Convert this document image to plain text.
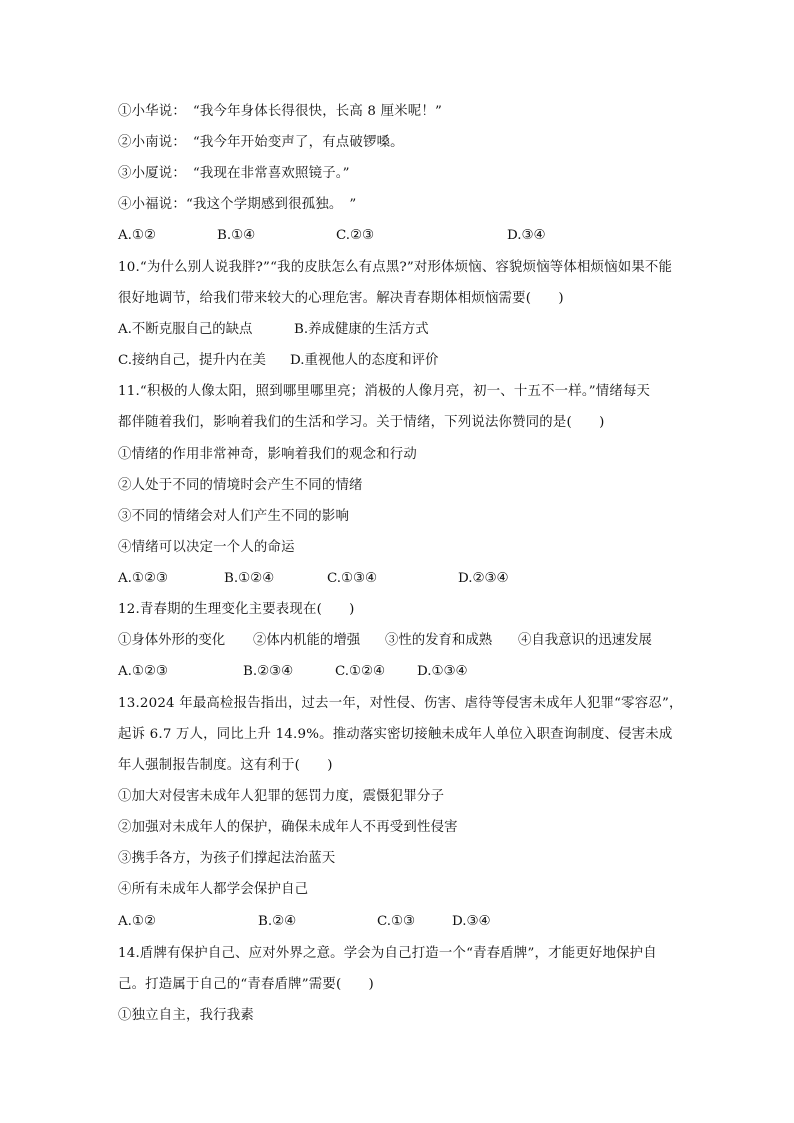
①小华说：　“我今年身体长得很快，长高 8 厘米呢！”
②小南说：　“我今年开始变声了，有点破锣嗓。
③小厦说：　“我现在非常喜欢照镜子。”
④小福说：“我这个学期感到很孤独。　”
A.①②	B.①④	C.②③	D.③④
10.“为什么别人说我胖?”“我的皮肤怎么有点黑?”对形体烦恼、容貌烦恼等体相烦恼如果不能
很好地调节，给我们带来较大的心理危害。解决青春期体相烦恼需要(　　)
A.不断克服自己的缺点	B.养成健康的生活方式
C.接纳自己，提升内在美 D.重视他人的态度和评价
11.“积极的人像太阳，照到哪里哪里亮；消极的人像月亮，初一、十五不一样。”情绪每天
都伴随着我们，影响着我们的生活和学习。关于情绪，下列说法你赞同的是(　　)
①情绪的作用非常神奇，影响着我们的观念和行动
②人处于不同的情境时会产生不同的情绪
③不同的情绪会对人们产生不同的影响
④情绪可以决定一个人的命运
A.①②③	B.①②④	C.①③④	D.②③④
12.青春期的生理变化主要表现在(　　)
①身体外形的变化 ②体内机能的增强 ③性的发育和成熟 ④自我意识的迅速发展
A.①②③	B.②③④	C.①②④ D.①③④
13.2024 年最高检报告指出，过去一年，对性侵、伤害、虐待等侵害未成年人犯罪“零容忍”，
起诉 6.7 万人，同比上升 14.9%。推动落实密切接触未成年人单位入职查询制度、侵害未成
年人强制报告制度。这有利于(　　)
①加大对侵害未成年人犯罪的惩罚力度，震慑犯罪分子
②加强对未成年人的保护，确保未成年人不再受到性侵害
③携手各方，为孩子们撑起法治蓝天
④所有未成年人都学会保护自己
A.①②	B.②④	C.①③	D.③④
14.盾牌有保护自己、应对外界之意。学会为自己打造一个“青春盾牌”，才能更好地保护自
己。打造属于自己的“青春盾牌”需要(　　)
①独立自主，我行我素
